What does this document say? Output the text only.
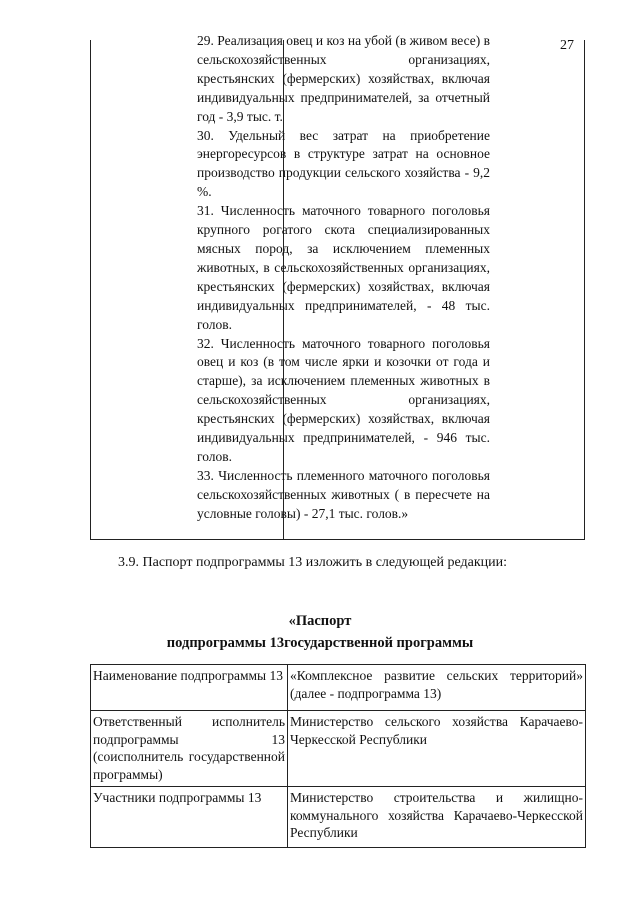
27

29. Реализация овец и коз на убой (в живом весе) в сельскохозяйственных организациях, крестьянских (фермерских) хозяйствах, включая индивидуальных предпринимателей, за отчетный год - 3,9 тыс. т.

30. Удельный вес затрат на приобретение энергоресурсов в структуре затрат на основное производство продукции сельского хозяйства - 9,2 %.

31. Численность маточного товарного поголовья крупного рогатого скота специализированных мясных пород, за исключением племенных животных, в сельскохозяйственных организациях, крестьянских (фермерских) хозяйствах, включая индивидуальных предпринимателей, - 48 тыс. голов.

32. Численность маточного товарного поголовья овец и коз (в том числе ярки и козочки от года и старше), за исключением племенных животных в сельскохозяйственных организациях, крестьянских (фермерских) хозяйствах, включая индивидуальных предпринимателей, - 946 тыс. голов.

33. Численность племенного маточного поголовья сельскохозяйственных животных ( в пересчете на условные головы) - 27,1 тыс. голов.»

3.9. Паспорт подпрограммы 13 изложить в следующей редакции:
«Паспорт
подпрограммы 13государственной программы
Наименование подпрограммы 13	«Комплексное развитие сельских территорий» (далее - подпрограмма 13)
Ответственный исполнитель подпрограммы 13 (соисполнитель государственной программы)	Министерство сельского хозяйства Карачаево-Черкесской Республики
Участники подпрограммы 13	Министерство строительства и жилищно-коммунального хозяйства Карачаево-Черкесской Республики
